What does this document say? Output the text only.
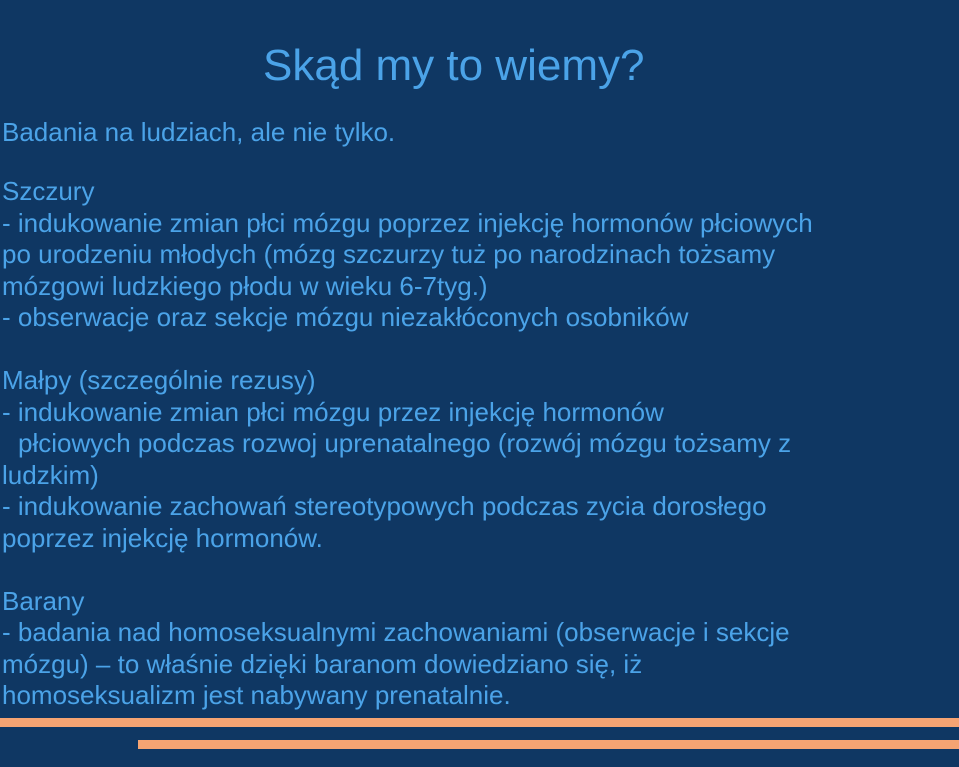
Skąd my to wiemy?
Badania na ludziach, ale nie tylko.
Szczury
- indukowanie zmian płci mózgu poprzez injekcję hormonów płciowych
po urodzeniu młodych (mózg szczurzy tuż po narodzinach tożsamy
mózgowi ludzkiego płodu w wieku 6-7tyg.)
- obserwacje oraz sekcje mózgu niezakłóconych osobników
Małpy (szczególnie rezusy)
- indukowanie zmian płci mózgu przez injekcję hormonów
płciowych podczas rozwoj uprenatalnego (rozwój mózgu tożsamy z
ludzkim)
- indukowanie zachowań stereotypowych podczas zycia dorosłego
poprzez injekcję hormonów.
Barany
- badania nad homoseksualnymi zachowaniami (obserwacje i sekcje
mózgu) – to właśnie dzięki baranom dowiedziano się, iż
homoseksualizm jest nabywany prenatalnie.
